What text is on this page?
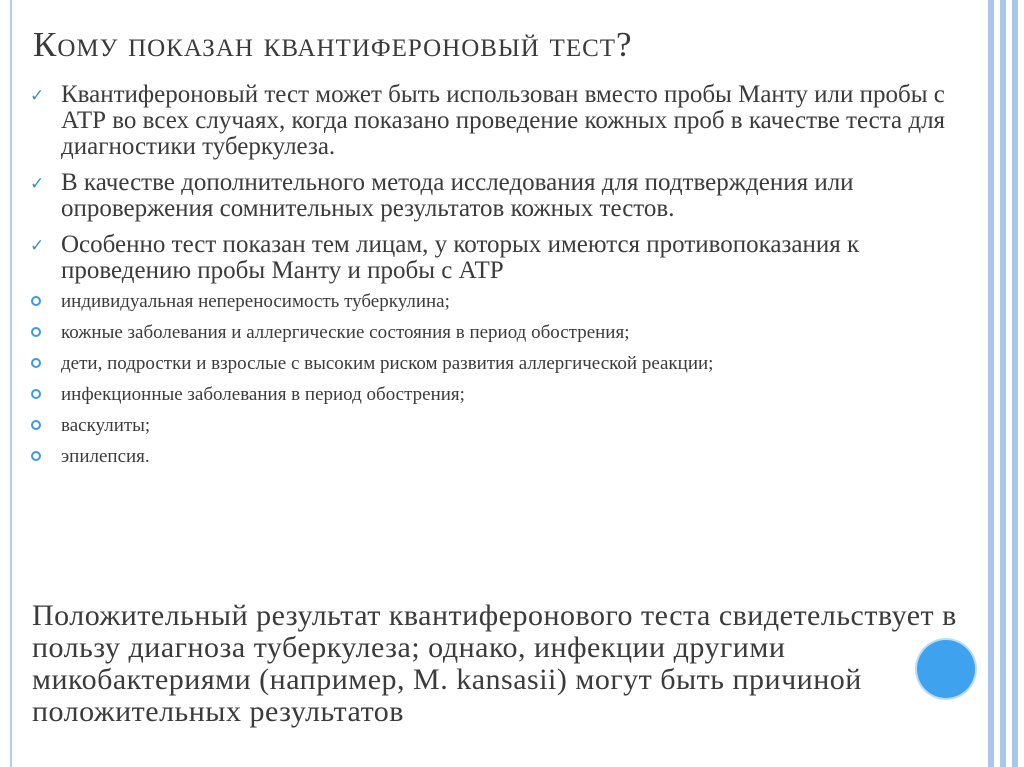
Кому показан квантифероновый тест?
✓ Квантифероновый тест может быть использован вместо пробы Манту или пробы с АТР во всех случаях, когда показано проведение кожных проб в качестве теста для диагностики туберкулеза.
✓ В качестве дополнительного метода исследования для подтверждения или опровержения сомнительных результатов кожных тестов.
✓ Особенно тест показан тем лицам, у которых имеются противопоказания к проведению пробы Манту и пробы с АТР
индивидуальная непереносимость туберкулина;
кожные заболевания и аллергические состояния в период обострения;
дети, подростки и взрослые с высоким риском развития аллергической реакции;
инфекционные заболевания в период обострения;
васкулиты;
эпилепсия.

Положительный результат квантиферонового теста свидетельствует в пользу диагноза туберкулеза; однако, инфекции другими микобактериями (например, M. kansasii) могут быть причиной положительных результатов
